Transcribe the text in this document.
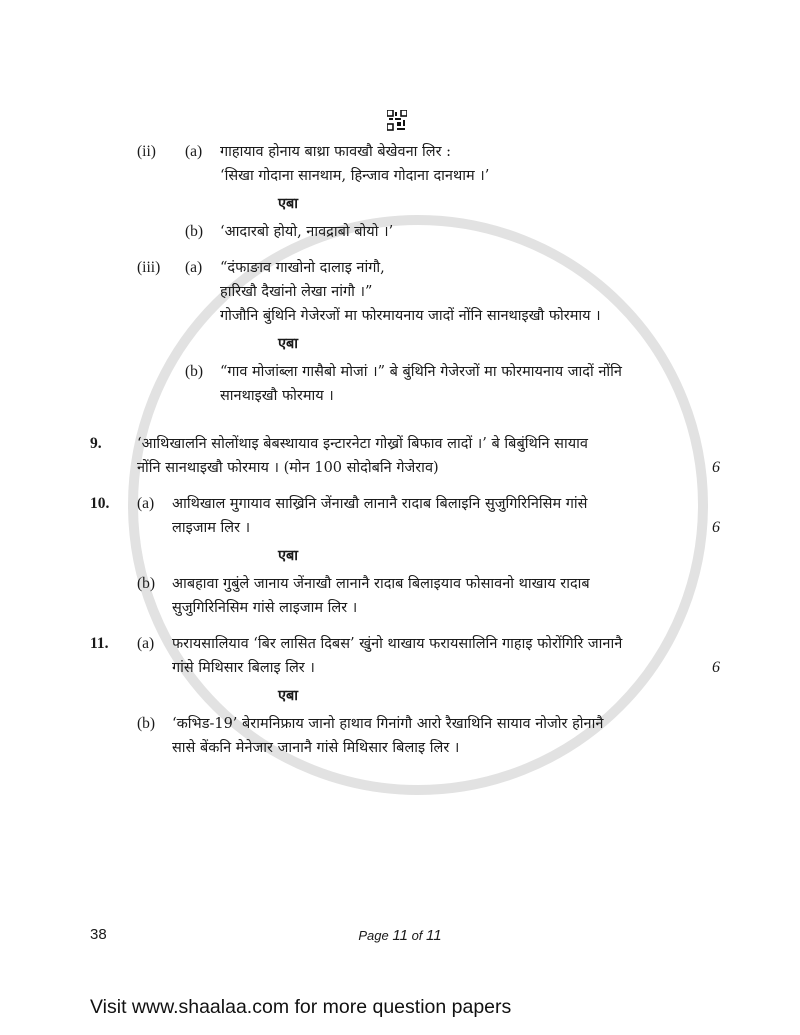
(ii)	(a)	गाहायाव होनाय बाथ्रा फावखौ बेखेवना लिर :
‘सिखा गोदाना सानथाम, हिन्जाव गोदाना दानथाम ।’
एबा
(b)	‘आदारबो होयो, नावद्राबो बोयो ।’
(iii)	(a)	“दंफाङाव गाखोनो दालाइ नांगौ,
हारिखौ दैखांनो लेखा नांगौ ।”
गोजौनि बुंथिनि गेजेरजों मा फोरमायनाय जादों नोंनि सानथाइखौ फोरमाय ।
एबा
(b)	“गाव मोजांब्ला गासैबो मोजां ।” बे बुंथिनि गेजेरजों मा फोरमायनाय जादों नोंनि
सानथाइखौ फोरमाय ।
9.	‘आथिखालनि सोलोंथाइ बेबस्थायाव इन्टारनेटा गोख्रों बिफाव लादों ।’ बे बिबुंथिनि सायाव
नोंनि सानथाइखौ फोरमाय । (मोन 100 सोदोबनि गेजेराव)	6
10.	(a)	आथिखाल मुगायाव साख्रिनि जेंनाखौ लानानै रादाब बिलाइनि सुजुगिरिनिसिम गांसे
लाइजाम लिर ।	6
एबा
(b)	आबहावा गुबुंले जानाय जेंनाखौ लानानै रादाब बिलाइयाव फोसावनो थाखाय रादाब
सुजुगिरिनिसिम गांसे लाइजाम लिर ।
11.	(a)	फरायसालियाव ‘बिर लासित दिबस’ खुंनो थाखाय फरायसालिनि गाहाइ फोरोंगिरि जानानै
गांसे मिथिसार बिलाइ लिर ।	6
एबा
(b)	‘कभिड-19’ बेरामनिफ्राय जानो हाथाव गिनांगौ आरो रैखाथिनि सायाव नोजोर होनानै
सासे बेंकनि मेनेजार जानानै गांसे मिथिसार बिलाइ लिर ।
38	Page 11 of 11
Visit www.shaalaa.com for more question papers
